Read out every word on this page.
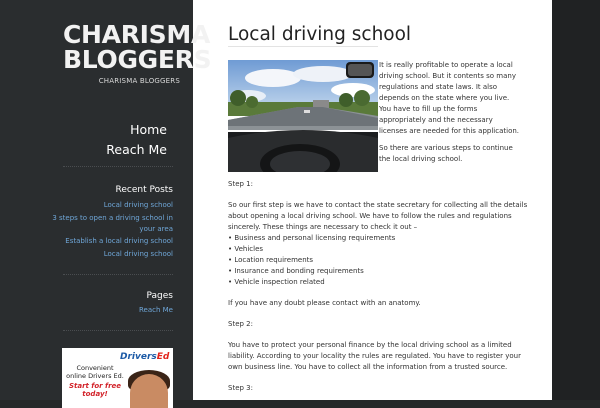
Local driving school

It is really profitable to operate a local driving school. But it contents so many regulations and state laws. It also depends on the state where you live. You have to fill up the forms appropriately and the necessary licenses are needed for this application.

So there are various steps to continue the local driving school.

Step 1:

So our first step is we have to contact the state secretary for collecting all the details about opening a local driving school. We have to follow the rules and regulations sincerely. These things are necessary to check it out –
• Business and personal licensing requirements
• Vehicles
• Location requirements
• Insurance and bonding requirements
• Vehicle inspection related

If you have any doubt please contact with an anatomy.

Step 2:

You have to protect your personal finance by the local driving school as a limited liability. According to your locality the rules are regulated. You have to register your own business line. You have to collect all the information from a trusted source.

Step 3:

CHARISMA
BLOGGERS
CHARISMA BLOGGERS
Home
Reach Me
Recent Posts
Local driving school
3 steps to open a driving school in your area
Establish a local driving school
Local driving school
Pages
Reach Me
DriversEd
Convenient online Drivers Ed.
Start for free today!
